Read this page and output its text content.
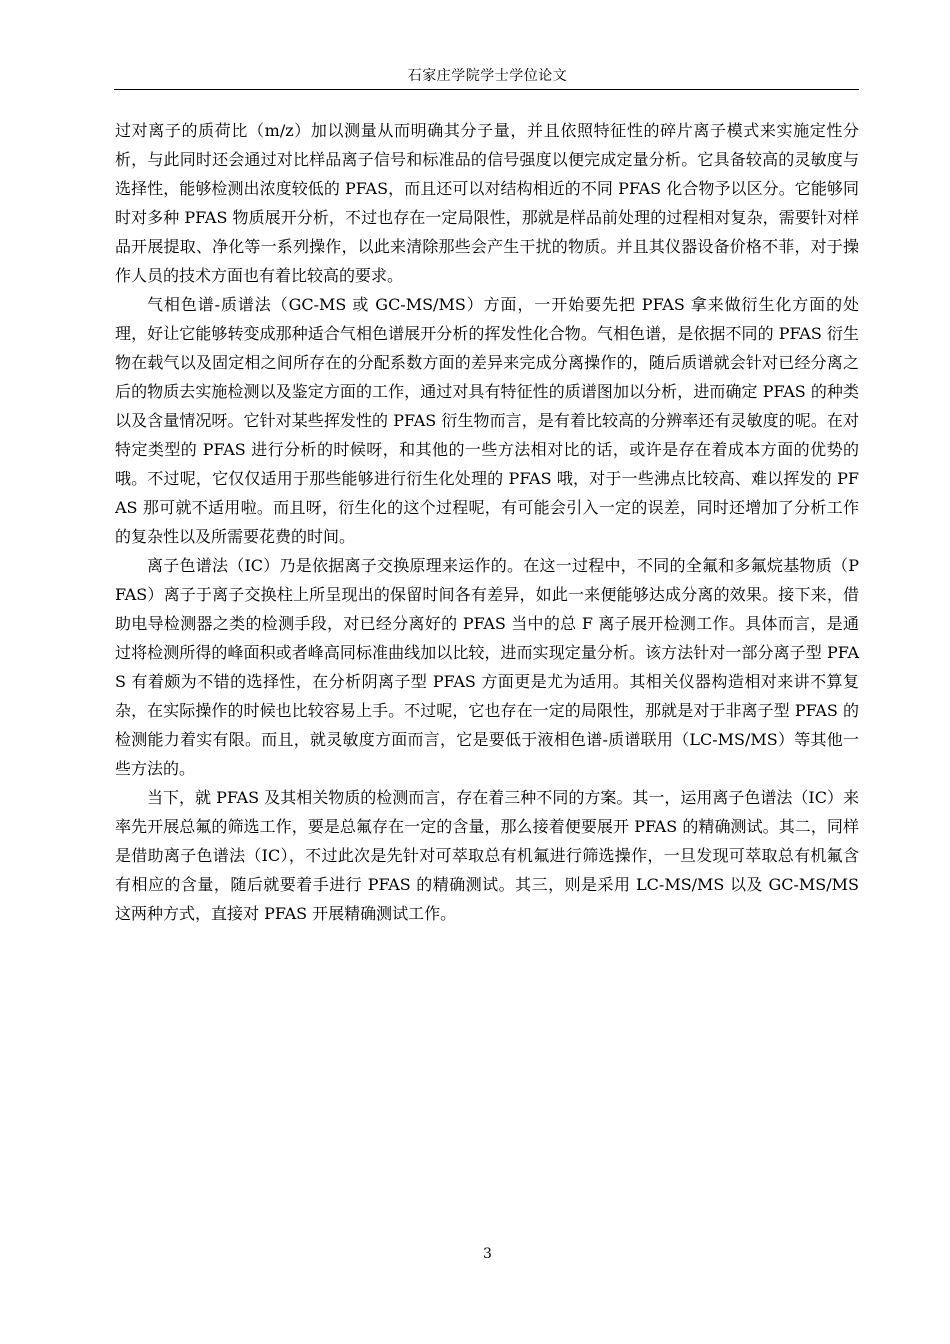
石家庄学院学士学位论文

过对离子的质荷比（m/z）加以测量从而明确其分子量，并且依照特征性的碎片离子模式来实施定性分析，与此同时还会通过对比样品离子信号和标准品的信号强度以便完成定量分析。它具备较高的灵敏度与选择性，能够检测出浓度较低的 PFAS，而且还可以对结构相近的不同 PFAS 化合物予以区分。它能够同时对多种 PFAS 物质展开分析，不过也存在一定局限性，那就是样品前处理的过程相对复杂，需要针对样品开展提取、净化等一系列操作，以此来清除那些会产生干扰的物质。并且其仪器设备价格不菲，对于操作人员的技术方面也有着比较高的要求。

气相色谱-质谱法（GC-MS 或 GC-MS/MS）方面，一开始要先把 PFAS 拿来做衍生化方面的处理，好让它能够转变成那种适合气相色谱展开分析的挥发性化合物。气相色谱，是依据不同的 PFAS 衍生物在载气以及固定相之间所存在的分配系数方面的差异来完成分离操作的，随后质谱就会针对已经分离之后的物质去实施检测以及鉴定方面的工作，通过对具有特征性的质谱图加以分析，进而确定 PFAS 的种类以及含量情况呀。它针对某些挥发性的 PFAS 衍生物而言，是有着比较高的分辨率还有灵敏度的呢。在对特定类型的 PFAS 进行分析的时候呀，和其他的一些方法相对比的话，或许是存在着成本方面的优势的哦。不过呢，它仅仅适用于那些能够进行衍生化处理的 PFAS 哦，对于一些沸点比较高、难以挥发的 PFAS 那可就不适用啦。而且呀，衍生化的这个过程呢，有可能会引入一定的误差，同时还增加了分析工作的复杂性以及所需要花费的时间。

离子色谱法（IC）乃是依据离子交换原理来运作的。在这一过程中，不同的全氟和多氟烷基物质（PFAS）离子于离子交换柱上所呈现出的保留时间各有差异，如此一来便能够达成分离的效果。接下来，借助电导检测器之类的检测手段，对已经分离好的 PFAS 当中的总 F 离子展开检测工作。具体而言，是通过将检测所得的峰面积或者峰高同标准曲线加以比较，进而实现定量分析。该方法针对一部分离子型 PFAS 有着颇为不错的选择性，在分析阴离子型 PFAS 方面更是尤为适用。其相关仪器构造相对来讲不算复杂，在实际操作的时候也比较容易上手。不过呢，它也存在一定的局限性，那就是对于非离子型 PFAS 的检测能力着实有限。而且，就灵敏度方面而言，它是要低于液相色谱-质谱联用（LC-MS/MS）等其他一些方法的。

当下，就 PFAS 及其相关物质的检测而言，存在着三种不同的方案。其一，运用离子色谱法（IC）来率先开展总氟的筛选工作，要是总氟存在一定的含量，那么接着便要展开 PFAS 的精确测试。其二，同样是借助离子色谱法（IC），不过此次是先针对可萃取总有机氟进行筛选操作，一旦发现可萃取总有机氟含有相应的含量，随后就要着手进行 PFAS 的精确测试。其三，则是采用 LC-MS/MS 以及 GC-MS/MS 这两种方式，直接对 PFAS 开展精确测试工作。

3
